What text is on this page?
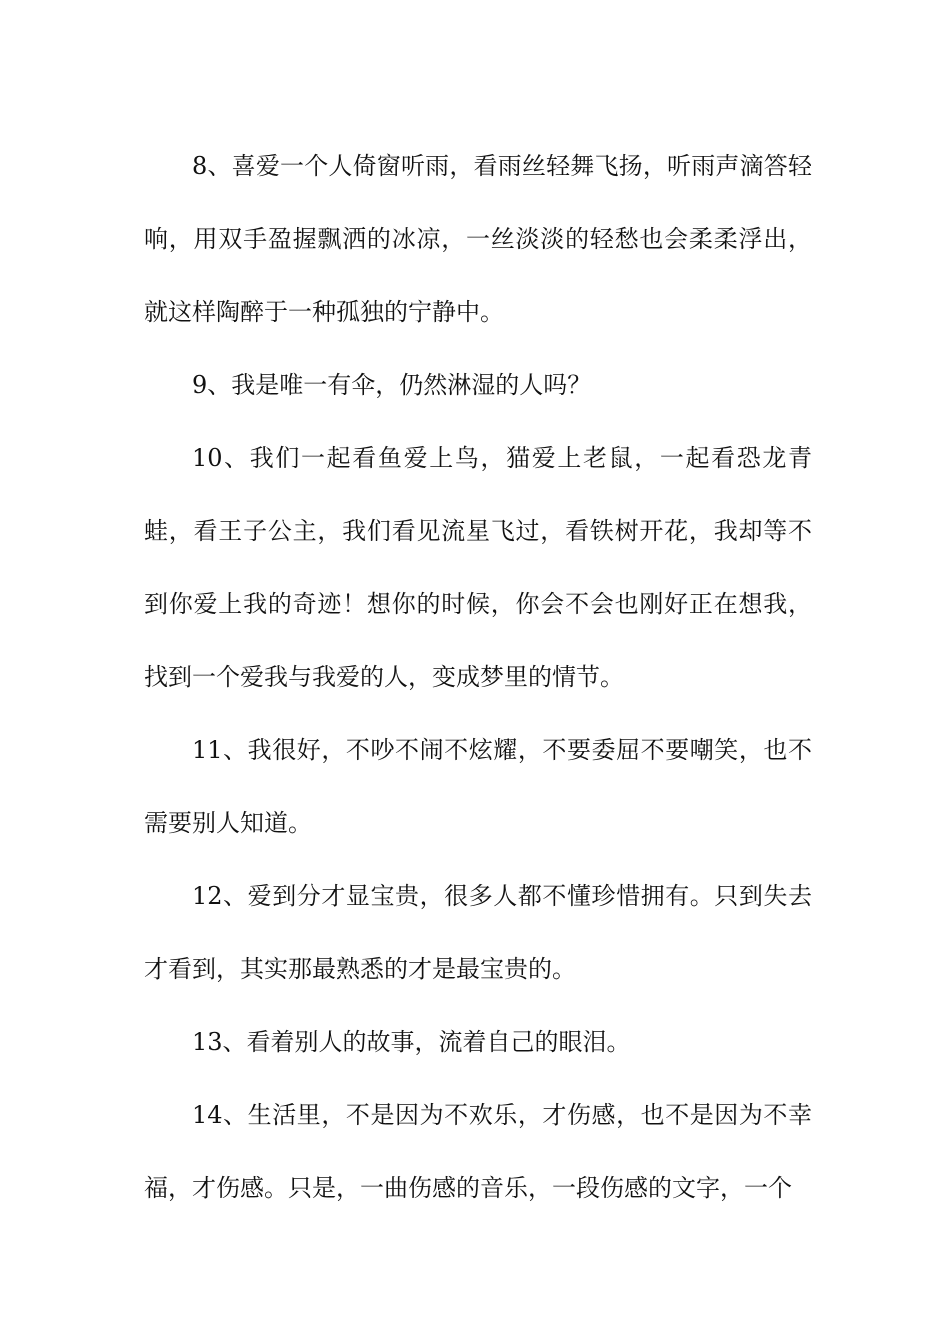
8、喜爱一个人倚窗听雨，看雨丝轻舞飞扬，听雨声滴答轻响，用双手盈握飘洒的冰凉，一丝淡淡的轻愁也会柔柔浮出，就这样陶醉于一种孤独的宁静中。

9、我是唯一有伞，仍然淋湿的人吗？

10、我们一起看鱼爱上鸟，猫爱上老鼠，一起看恐龙青蛙，看王子公主，我们看见流星飞过，看铁树开花，我却等不到你爱上我的奇迹！想你的时候，你会不会也刚好正在想我，找到一个爱我与我爱的人，变成梦里的情节。

11、我很好，不吵不闹不炫耀，不要委屈不要嘲笑，也不需要别人知道。

12、爱到分才显宝贵，很多人都不懂珍惜拥有。只到失去才看到，其实那最熟悉的才是最宝贵的。

13、看着别人的故事，流着自己的眼泪。

14、生活里，不是因为不欢乐，才伤感，也不是因为不幸福，才伤感。只是，一曲伤感的音乐，一段伤感的文字，一个
